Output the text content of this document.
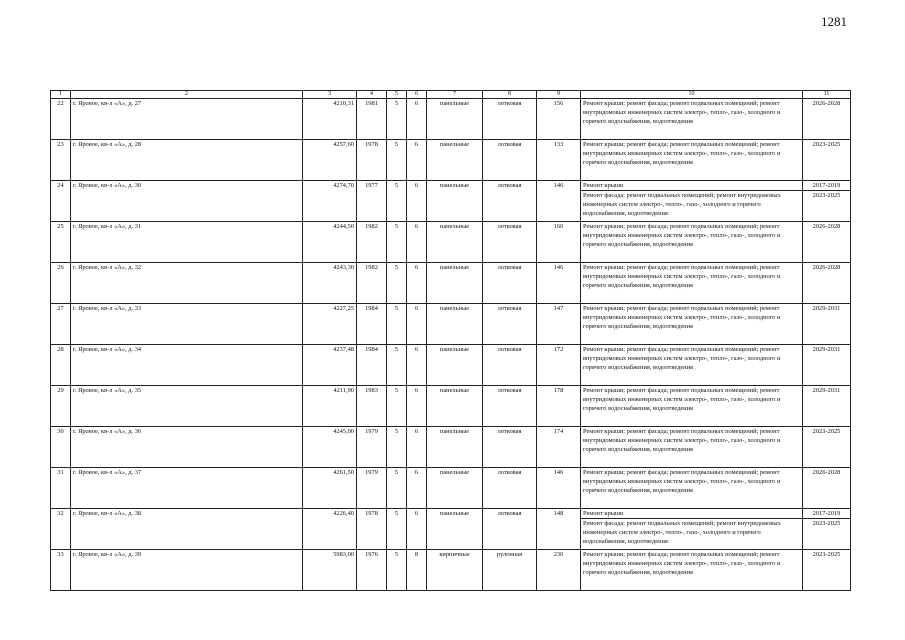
1281
1	2	3	4	5	6	7	8	9	10	11
22	г. Яровое, кв-л «А», д. 27	4210,31	1981	5	6	панельные	лотковая	156	Ремонт крыши; ремонт фасада; ремонт подвальных помещений; ремонт внутридомовых инженерных систем электро-, тепло-, газо-, холодного и горячего водоснабжения, водоотведения	2026-2028
23	г. Яровое, кв-л «А», д. 28	4257,60	1978	5	6	панельные	лотковая	133	Ремонт крыши; ремонт фасада; ремонт подвальных помещений; ремонт внутридомовых инженерных систем электро-, тепло-, газо-, холодного и горячего водоснабжения, водоотведения	2023-2025
24	г. Яровое, кв-л «А», д. 30	4274,70	1977	5	6	панельные	лотковая	146	Ремонт крыши	2017-2019
									Ремонт фасада; ремонт подвальных помещений; ремонт внутридомовых инженерных систем электро-, тепло-, газо-, холодного и горячего водоснабжения, водоотведения	2023-2025
25	г. Яровое, кв-л «А», д. 31	4244,50	1982	5	6	панельные	лотковая	160	Ремонт крыши; ремонт фасада; ремонт подвальных помещений; ремонт внутридомовых инженерных систем электро-, тепло-, газо-, холодного и горячего водоснабжения, водоотведения	2026-2028
26	г. Яровое, кв-л «А», д. 32	4243,30	1982	5	6	панельные	лотковая	146	Ремонт крыши; ремонт фасада; ремонт подвальных помещений; ремонт внутридомовых инженерных систем электро-, тепло-, газо-, холодного и горячего водоснабжения, водоотведения	2026-2028
27	г. Яровое, кв-л «А», д. 33	4227,25	1984	5	6	панельные	лотковая	147	Ремонт крыши; ремонт фасада; ремонт подвальных помещений; ремонт внутридомовых инженерных систем электро-, тепло-, газо-, холодного и горячего водоснабжения, водоотведения	2029-2031
28	г. Яровое, кв-л «А», д. 34	4237,48	1984	5	6	панельные	лотковая	172	Ремонт крыши; ремонт фасада; ремонт подвальных помещений; ремонт внутридомовых инженерных систем электро-, тепло-, газо-, холодного и горячего водоснабжения, водоотведения	2029-2031
29	г. Яровое, кв-л «А», д. 35	4211,90	1983	5	6	панельные	лотковая	178	Ремонт крыши; ремонт фасада; ремонт подвальных помещений; ремонт внутридомовых инженерных систем электро-, тепло-, газо-, холодного и горячего водоснабжения, водоотведения	2029-2031
30	г. Яровое, кв-л «А», д. 36	4245,00	1979	5	6	панельные	лотковая	174	Ремонт крыши; ремонт фасада; ремонт подвальных помещений; ремонт внутридомовых инженерных систем электро-, тепло-, газо-, холодного и горячего водоснабжения, водоотведения	2023-2025
31	г. Яровое, кв-л «А», д. 37	4261,50	1979	5	6	панельные	лотковая	146	Ремонт крыши; ремонт фасада; ремонт подвальных помещений; ремонт внутридомовых инженерных систем электро-, тепло-, газо-, холодного и горячего водоснабжения, водоотведения	2026-2028
32	г. Яровое, кв-л «А», д. 38	4226,40	1978	5	6	панельные	лотковая	148	Ремонт крыши	2017-2019
									Ремонт фасада; ремонт подвальных помещений; ремонт внутридомовых инженерных систем электро-, тепло-, газо-, холодного и горячего водоснабжения, водоотведения	2023-2025
33	г. Яровое, кв-л «А», д. 39	5983,00	1976	5	8	кирпичные	рулонная	230	Ремонт крыши; ремонт фасада; ремонт подвальных помещений; ремонт внутридомовых инженерных систем электро-, тепло-, газо-, холодного и горячего водоснабжения, водоотведения	2023-2025
